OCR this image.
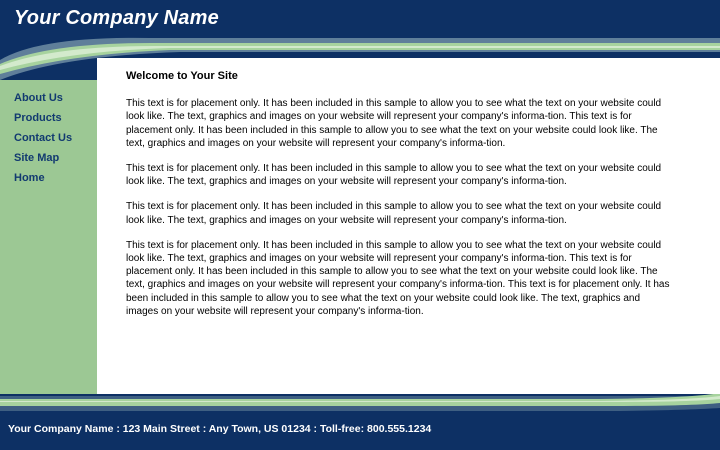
Your Company Name
About Us
Products
Contact Us
Site Map
Home
Welcome to Your Site

This text is for placement only. It has been included in this sample to allow you to see what the text on your website could look like. The text, graphics and images on your website will represent your company's informa-tion. This text is for placement only. It has been included in this sample to allow you to see what the text on your website could look like. The text, graphics and images on your website will represent your company's informa-tion.

This text is for placement only. It has been included in this sample to allow you to see what the text on your website could look like. The text, graphics and images on your website will represent your company's informa-tion.

This text is for placement only. It has been included in this sample to allow you to see what the text on your website could look like. The text, graphics and images on your website will represent your company's informa-tion.

This text is for placement only. It has been included in this sample to allow you to see what the text on your website could look like. The text, graphics and images on your website will represent your company's informa-tion. This text is for placement only. It has been included in this sample to allow you to see what the text on your website could look like. The text, graphics and images on your website will represent your company's informa-tion. This text is for placement only. It has been included in this sample to allow you to see what the text on your website could look like. The text, graphics and images on your website will represent your company's informa-tion.

Your Company Name : 123 Main Street : Any Town, US 01234 : Toll-free: 800.555.1234
